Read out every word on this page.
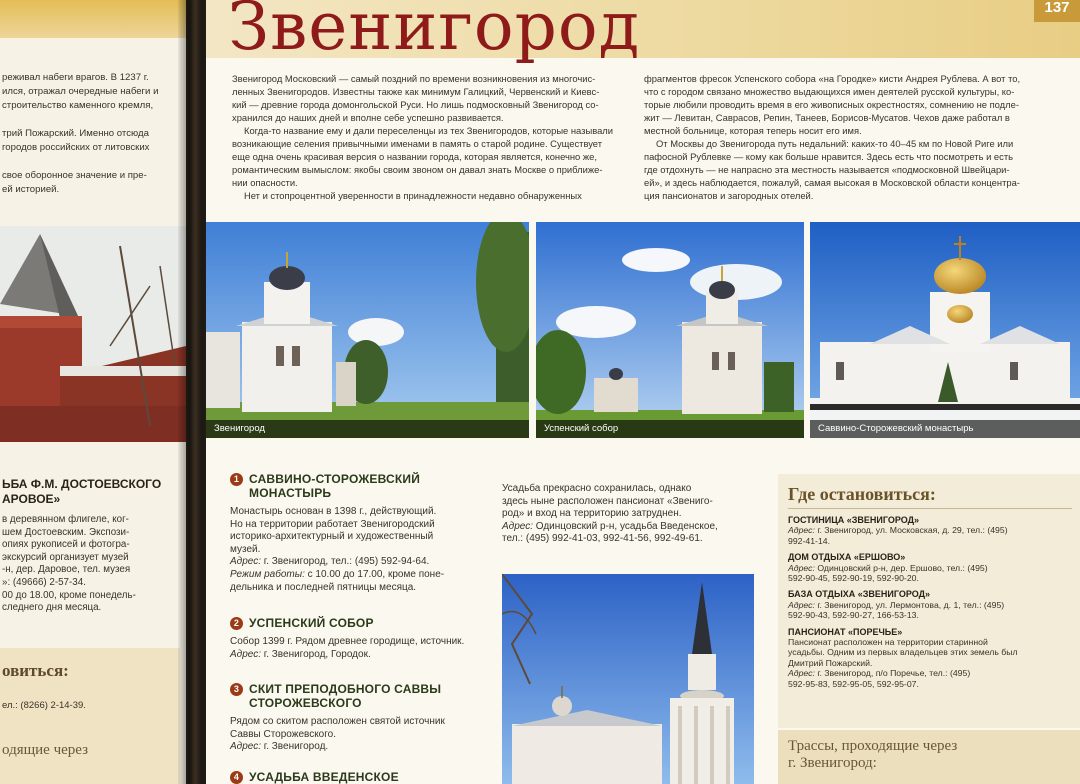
реживал набеги врагов. В 1237 г.

ился, отражал очередные набеги и

строительство каменного кремля,

трий Пожарский. Именно отсюда

городов российских от литовских

свое оборонное значение и пре-

ей историей.

ЬБА Ф.М. ДОСТОЕВСКОГО
АРОВОЕ»
в деревянном флигеле, ког-
шем Достоевским. Экспози-
опиях рукописей и фотогра-
экскурсий организует музей
-н, дер. Даровое, тел. музея
»: (49666) 2-57-34.
00 до 18.00, кроме понедель-
следнего дня месяца.
овиться:
ел.: (8266) 2-14-39.
одящие через
Звенигород	137
Звенигород Московский — самый поздний по времени возникновения из многочис-
ленных Звенигородов. Известны также как минимум Галицкий, Червенский и Киевс-
кий — древние города домонгольской Руси. Но лишь подмосковный Звенигород со-
хранился до наших дней и вполне себе успешно развивается.
Когда-то название ему и дали переселенцы из тех Звенигородов, которые называли
возникающие селения привычными именами в память о старой родине. Существует
еще одна очень красивая версия о названии города, которая является, конечно же,
романтическим вымыслом: якобы своим звоном он давал знать Москве о приближе-
нии опасности.
Нет и стопроцентной уверенности в принадлежности недавно обнаруженных
фрагментов фресок Успенского собора «на Городке» кисти Андрея Рублева. А вот то,
что с городом связано множество выдающихся имен деятелей русской культуры, ко-
торые любили проводить время в его живописных окрестностях, сомнению не подле-
жит — Левитан, Саврасов, Репин, Танеев, Борисов-Мусатов. Чехов даже работал в
местной больнице, которая теперь носит его имя.
От Москвы до Звенигорода путь недальний: каких-то 40–45 км по Новой Риге или
пафосной Рублевке — кому как больше нравится. Здесь есть что посмотреть и есть
где отдохнуть — не напрасно эта местность называется «подмосковной Швейцари-
ей», и здесь наблюдается, пожалуй, самая высокая в Московской области концентра-
ция пансионатов и загородных отелей.
Звенигород	Успенский собор	Саввино-Сторожевский монастырь
1 САВВИНО-СТОРОЖЕВСКИЙ
МОНАСТЫРЬ
Монастырь основан в 1398 г., действующий.
Но на территории работает Звенигородский
историко-архитектурный и художественный
музей.
Адрес: г. Звенигород, тел.: (495) 592-94-64.
Режим работы: с 10.00 до 17.00, кроме поне-
дельника и последней пятницы месяца.
2 УСПЕНСКИЙ СОБОР
Собор 1399 г. Рядом древнее городище, источник.
Адрес: г. Звенигород, Городок.
3 СКИТ ПРЕПОДОБНОГО САВВЫ
СТОРОЖЕВСКОГО
Рядом со скитом расположен святой источник
Саввы Сторожевского.
Адрес: г. Звенигород.
4 УСАДЬБА ВВЕДЕНСКОЕ
Усадьба прекрасно сохранилась, однако
здесь ныне расположен пансионат «Звениго-
род» и вход на территорию затруднен.
Адрес: Одинцовский р-н, усадьба Введенское,
тел.: (495) 992-41-03, 992-41-56, 992-49-61.
Где остановиться:
ГОСТИНИЦА «ЗВЕНИГОРОД»
Адрес: г. Звенигород, ул. Московская, д. 29, тел.: (495)
992-41-14.
ДОМ ОТДЫХА «ЕРШОВО»
Адрес: Одинцовский р-н, дер. Ершово, тел.: (495)
592-90-45, 592-90-19, 592-90-20.
БАЗА ОТДЫХА «ЗВЕНИГОРОД»
Адрес: г. Звенигород, ул. Лермонтова, д. 1, тел.: (495)
592-90-43, 592-90-27, 166-53-13.
ПАНСИОНАТ «ПОРЕЧЬЕ»
Пансионат расположен на территории старинной
усадьбы. Одним из первых владельцев этих земель был
Дмитрий Пожарский.
Адрес: г. Звенигород, п/о Поречье, тел.: (495)
592-95-83, 592-95-05, 592-95-07.
Трассы, проходящие через
г. Звенигород:
